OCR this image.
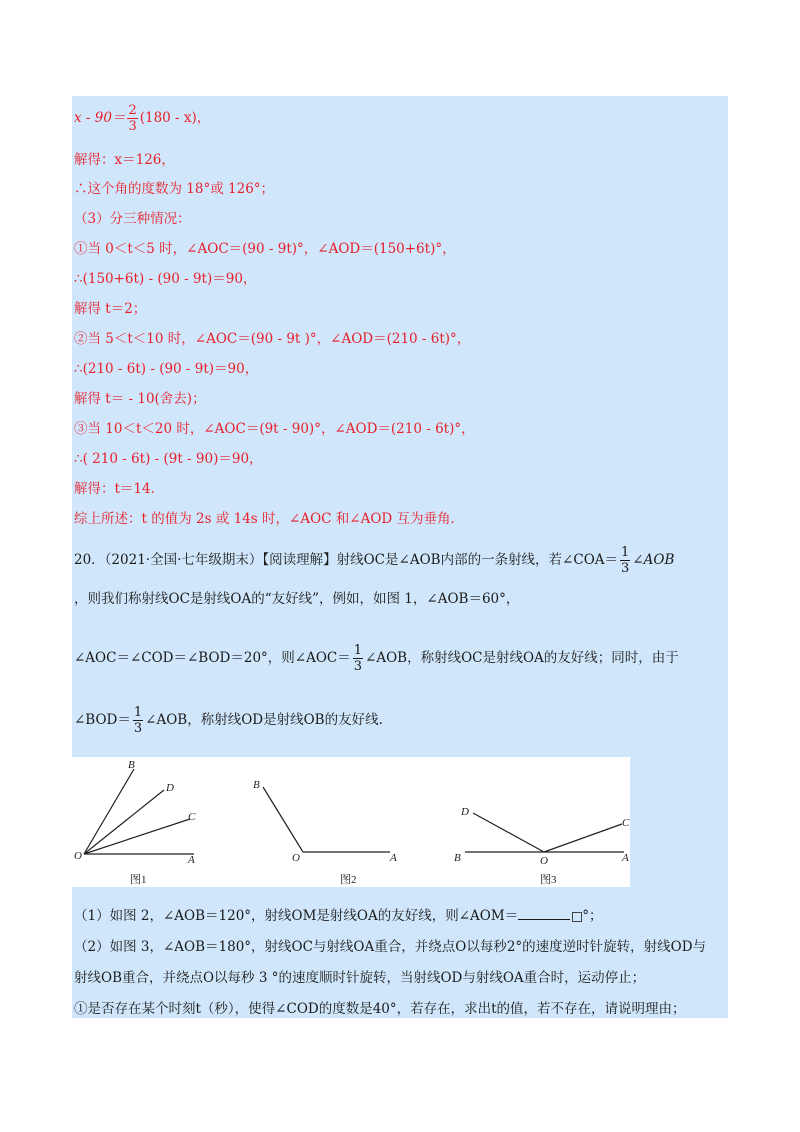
$x - 90= \frac{2}{3} (180 - x)$，
解得：x＝126，
∴这个角的度数为 18°或 126°；
（3）分三种情况：
①当 0＜t＜5 时，∠AOC＝(90 - 9t)°，∠AOD＝(150+6t)°，
∴(150+6t) - (90 - 9t)＝90，
解得 t＝2；
②当 5＜t＜10 时，∠AOC＝(90 - 9t )°，∠AOD＝(210 - 6t)°，
∴(210 - 6t) - (90 - 9t)＝90，
解得 t＝ - 10(舍去)；
③当 10＜t＜20 时，∠AOC＝(9t - 90)°，∠AOD＝(210 - 6t)°，
∴( 210 - 6t) - (9t - 90)＝90，
解得：t＝14．
综上所述：t 的值为 2s 或 14s 时，∠AOC 和∠AOD 互为垂角．
20．（2021·全国·七年级期末）【阅读理解】射线OC是∠AOB内部的一条射线，若∠COA＝ $\frac{1}{3}$ ∠AOB
，则我们称射线OC是射线OA的“友好线”，例如，如图 1，∠AOB＝60°，
∠AOC＝∠COD＝∠BOD＝20°，则∠AOC＝ $\frac{1}{3}$ ∠AOB，称射线OC是射线OA的友好线；同时，由于
∠BOD＝ $\frac{1}{3}$ ∠AOB，称射线OD是射线OB的友好线.
B
D
C
O	A
图1
B
O	A
图2
D
C
B	O	A
图3
（1）如图 2，∠AOB＝120°，射线OM是射线OA的友好线，则∠AOM＝	°；
（2）如图 3，∠AOB＝180°，射线OC与射线OA重合，并绕点O以每秒2°的速度逆时针旋转，射线OD与
射线OB重合，并绕点O以每秒 3 °的速度顺时针旋转，当射线OD与射线OA重合时，运动停止；
①是否存在某个时刻t（秒），使得∠COD的度数是40°，若存在，求出t的值，若不存在，请说明理由；
